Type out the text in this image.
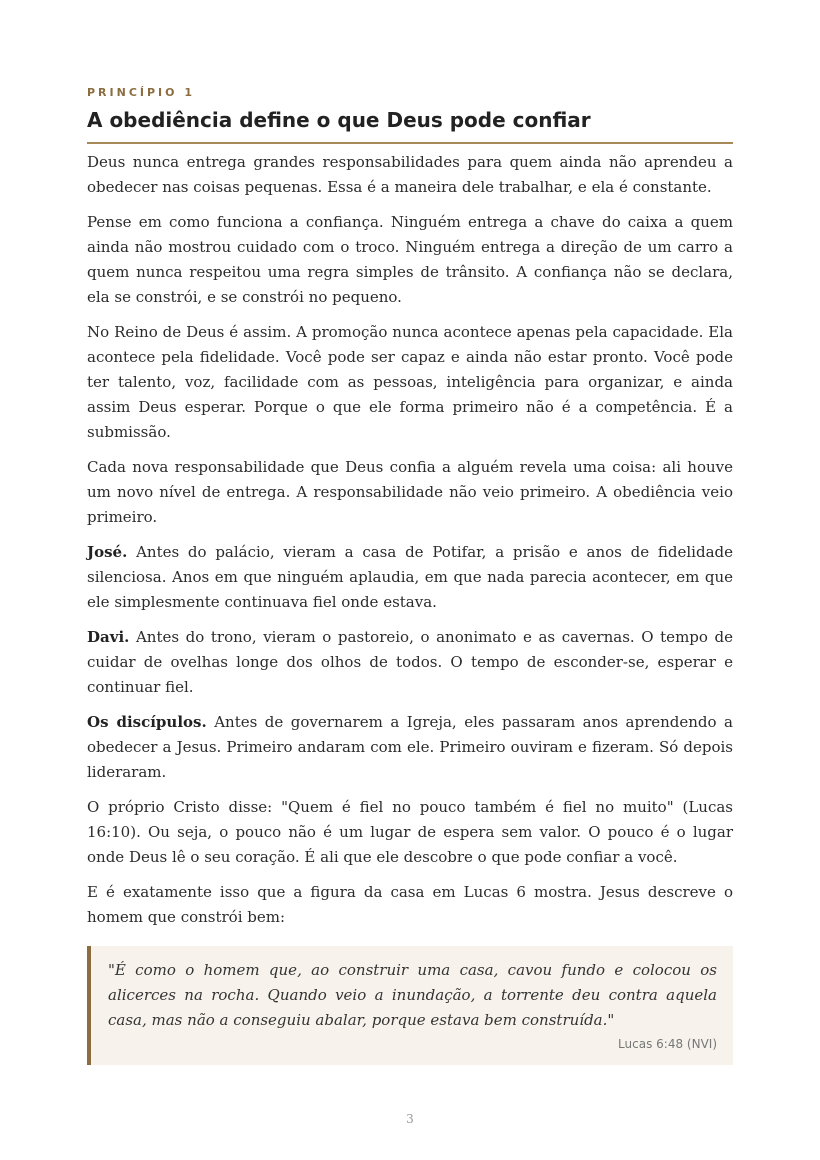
PRINCÍPIO 1
A obediência define o que Deus pode confiar

Deus nunca entrega grandes responsabilidades para quem ainda não aprendeu a obedecer nas coisas pequenas. Essa é a maneira dele trabalhar, e ela é constante.

Pense em como funciona a confiança. Ninguém entrega a chave do caixa a quem ainda não mostrou cuidado com o troco. Ninguém entrega a direção de um carro a quem nunca respeitou uma regra simples de trânsito. A confiança não se declara, ela se constrói, e se constrói no pequeno.

No Reino de Deus é assim. A promoção nunca acontece apenas pela capacidade. Ela acontece pela fidelidade. Você pode ser capaz e ainda não estar pronto. Você pode ter talento, voz, facilidade com as pessoas, inteligência para organizar, e ainda assim Deus esperar. Porque o que ele forma primeiro não é a competência. É a submissão.

Cada nova responsabilidade que Deus confia a alguém revela uma coisa: ali houve um novo nível de entrega. A responsabilidade não veio primeiro. A obediência veio primeiro.

José. Antes do palácio, vieram a casa de Potifar, a prisão e anos de fidelidade silenciosa. Anos em que ninguém aplaudia, em que nada parecia acontecer, em que ele simplesmente continuava fiel onde estava.

Davi. Antes do trono, vieram o pastoreio, o anonimato e as cavernas. O tempo de cuidar de ovelhas longe dos olhos de todos. O tempo de esconder-se, esperar e continuar fiel.

Os discípulos. Antes de governarem a Igreja, eles passaram anos aprendendo a obedecer a Jesus. Primeiro andaram com ele. Primeiro ouviram e fizeram. Só depois lideraram.

O próprio Cristo disse: "Quem é fiel no pouco também é fiel no muito" (Lucas 16:10). Ou seja, o pouco não é um lugar de espera sem valor. O pouco é o lugar onde Deus lê o seu coração. É ali que ele descobre o que pode confiar a você.

E é exatamente isso que a figura da casa em Lucas 6 mostra. Jesus descreve o homem que constrói bem:

"É como o homem que, ao construir uma casa, cavou fundo e colocou os alicerces na rocha. Quando veio a inundação, a torrente deu contra aquela casa, mas não a conseguiu abalar, porque estava bem construída."

Lucas 6:48 (NVI)
3
